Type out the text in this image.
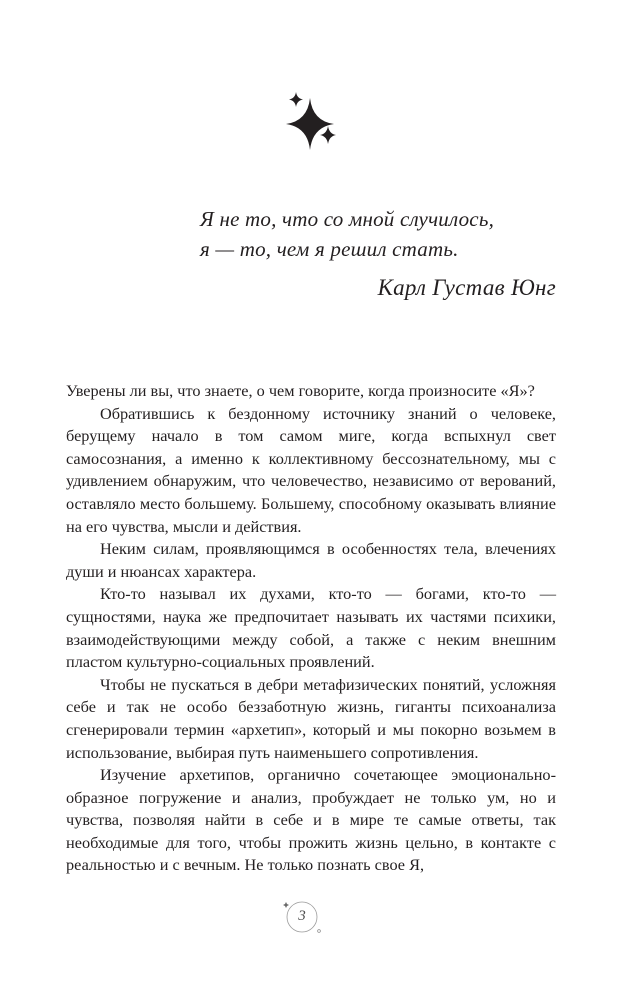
Я не то, что со мной случилось,
я — то, чем я решил стать.
Карл Густав Юнг

Уверены ли вы, что знаете, о чем говорите, когда произносите «Я»?

Обратившись к бездонному источнику знаний о человеке, берущему начало в том самом миге, когда вспыхнул свет самосознания, а именно к коллективному бессознательному, мы с удивлением обнаружим, что человечество, независимо от верований, оставляло место большему. Большему, способному оказывать влияние на его чувства, мысли и действия.

Неким силам, проявляющимся в особенностях тела, влечениях души и нюансах характера.

Кто-то называл их духами, кто-то — богами, кто-то — сущностями, наука же предпочитает называть их частями психики, взаимодействующими между собой, а также с неким внешним пластом культурно-социальных проявлений.

Чтобы не пускаться в дебри метафизических понятий, усложняя себе и так не особо беззаботную жизнь, гиганты психоанализа сгенерировали термин «архетип», который и мы покорно возьмем в использование, выбирая путь наименьшего сопротивления.

Изучение архетипов, органично сочетающее эмоционально-образное погружение и анализ, пробуждает не только ум, но и чувства, позволяя найти в себе и в мире те самые ответы, так необходимые для того, чтобы прожить жизнь цельно, в контакте с реальностью и с вечным. Не только познать свое Я,

3
